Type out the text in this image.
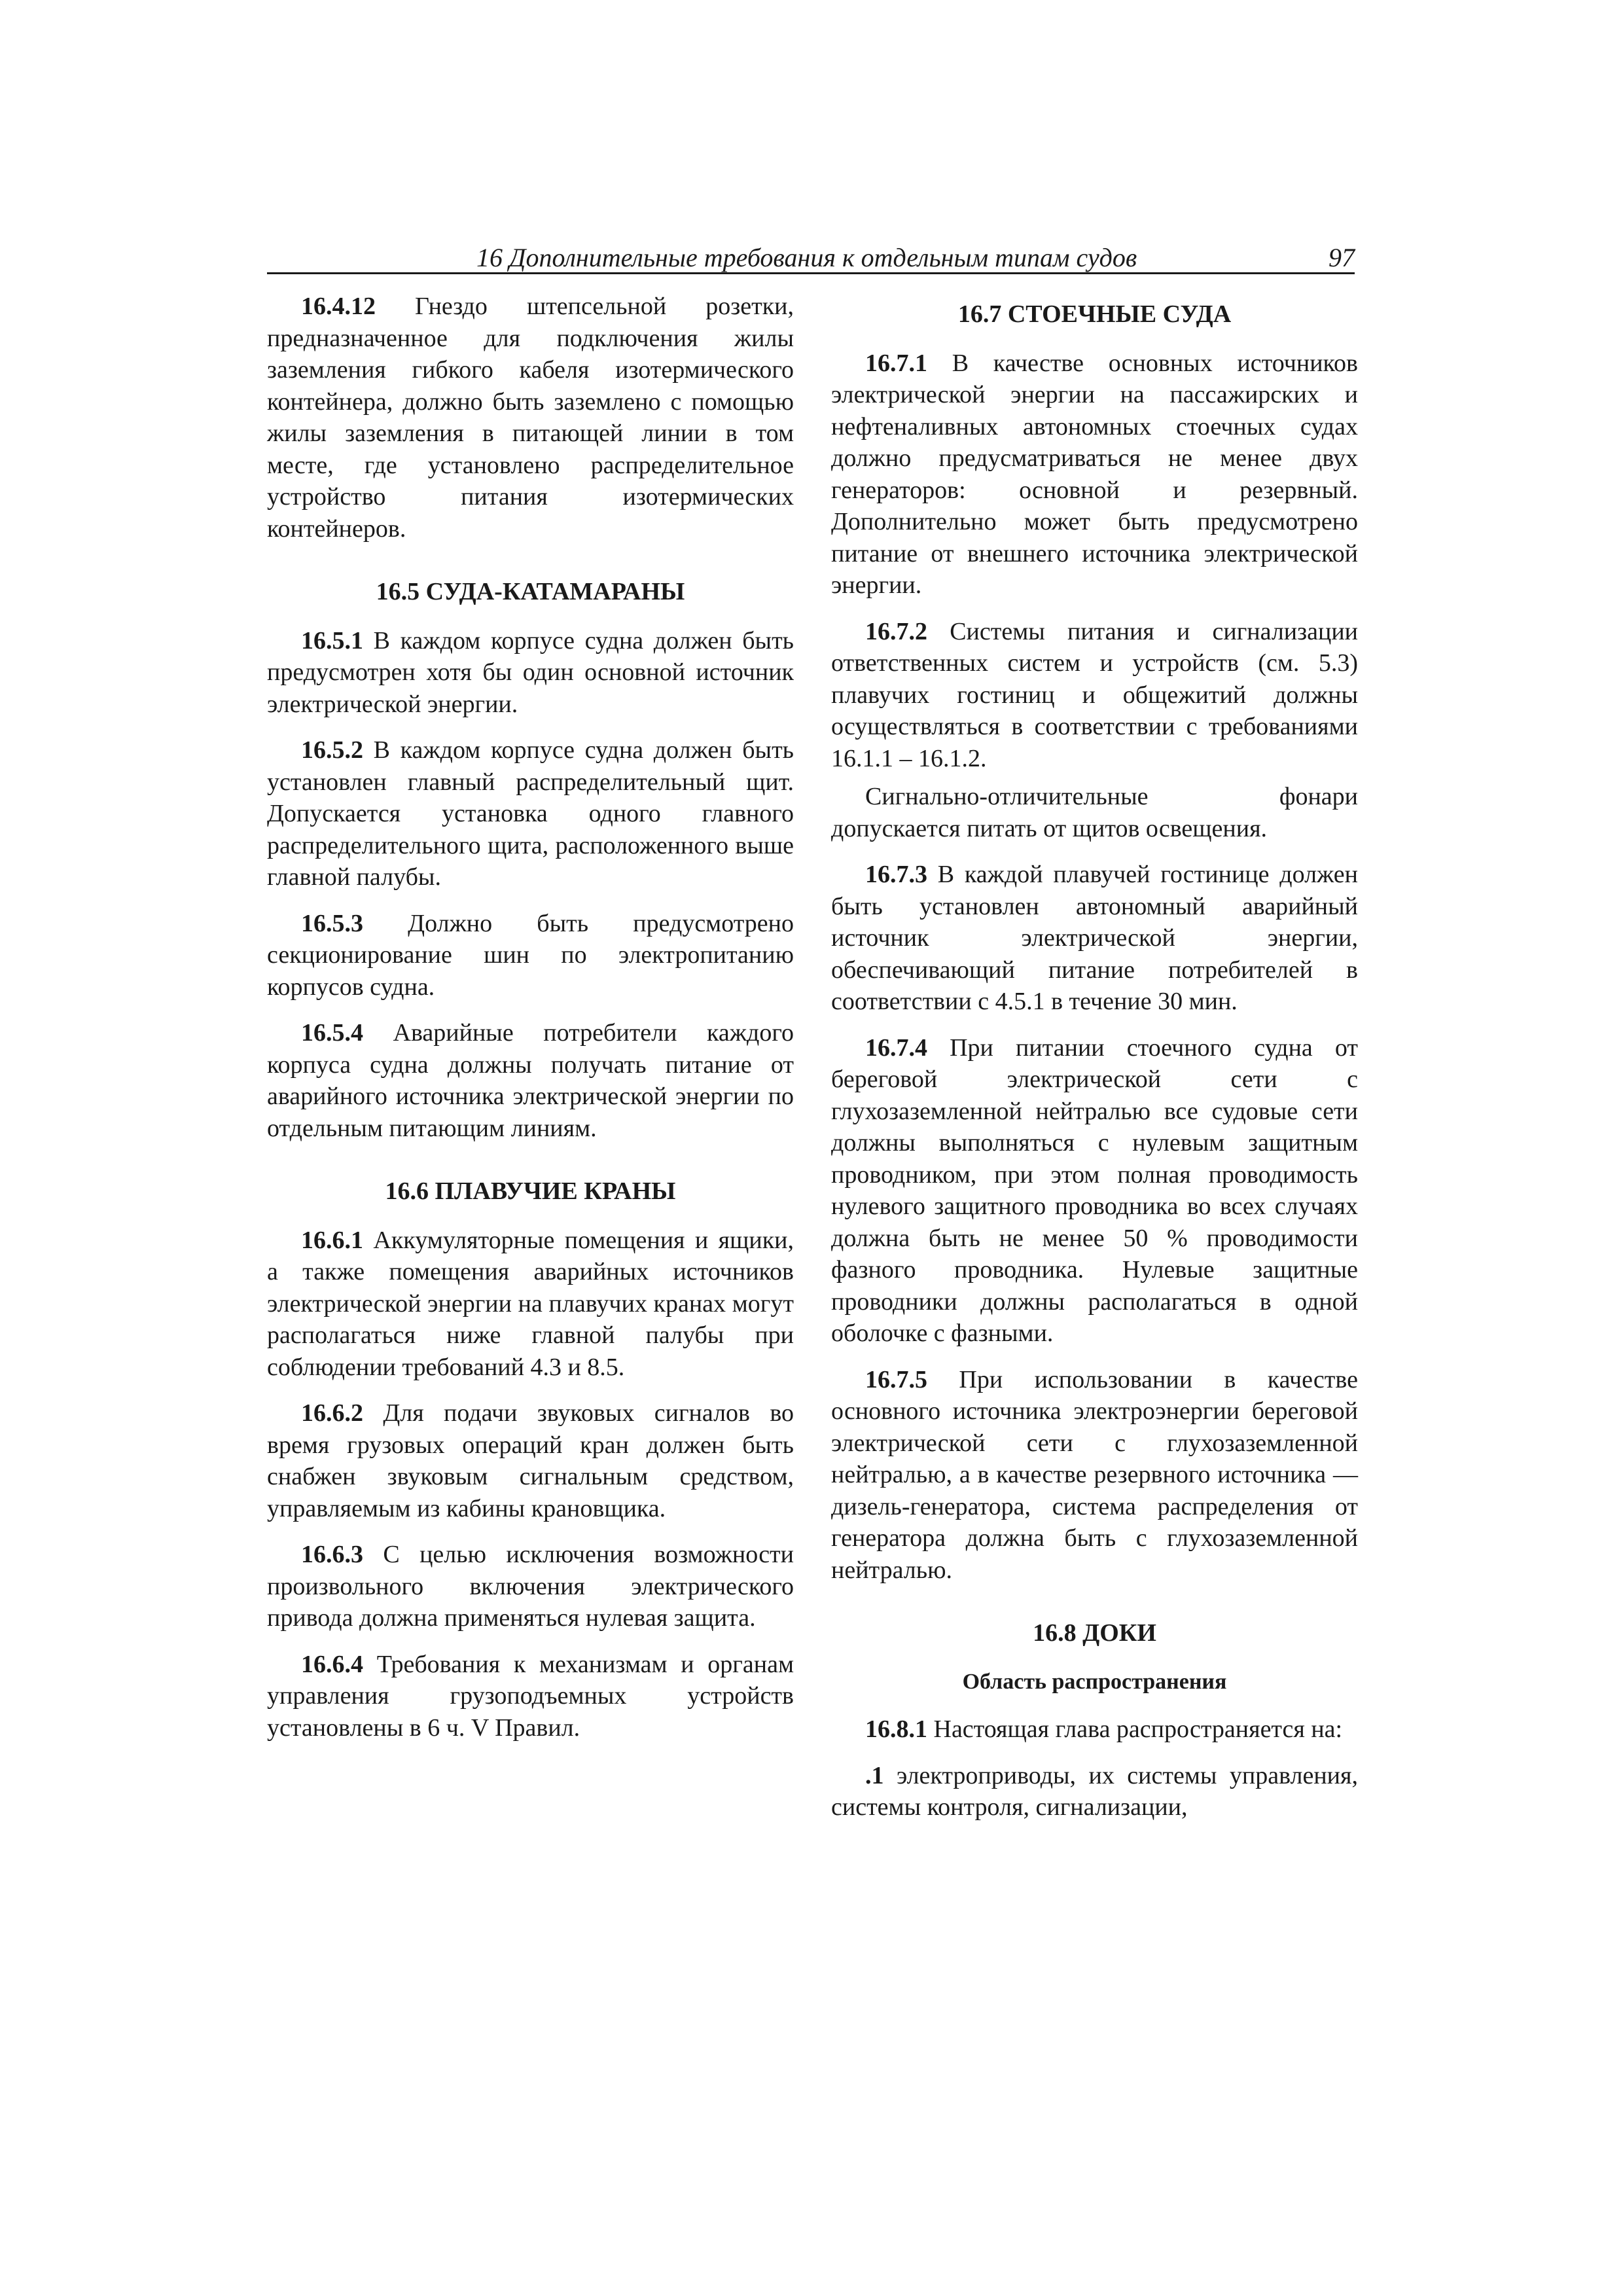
16 Дополнительные требования к отдельным типам судов	97

16.4.12 Гнездо штепсельной розетки, предназначенное для подключения жилы заземления гибкого кабеля изотермического контейнера, должно быть заземлено с помощью жилы заземления в питающей линии в том месте, где установлено распределительное устройство питания изотермических контейнеров.

16.5 СУДА-КАТАМАРАНЫ

16.5.1 В каждом корпусе судна должен быть предусмотрен хотя бы один основной источник электрической энергии.

16.5.2 В каждом корпусе судна должен быть установлен главный распределительный щит. Допускается установка одного главного распределительного щита, расположенного выше главной палубы.

16.5.3 Должно быть предусмотрено секционирование шин по электропитанию корпусов судна.

16.5.4 Аварийные потребители каждого корпуса судна должны получать питание от аварийного источника электрической энергии по отдельным питающим линиям.

16.6 ПЛАВУЧИЕ КРАНЫ

16.6.1 Аккумуляторные помещения и ящики, а также помещения аварийных источников электрической энергии на плавучих кранах могут располагаться ниже главной палубы при соблюдении требований 4.3 и 8.5.

16.6.2 Для подачи звуковых сигналов во время грузовых операций кран должен быть снабжен звуковым сигнальным средством, управляемым из кабины крановщика.

16.6.3 С целью исключения возможности произвольного включения электрического привода должна применяться нулевая защита.

16.6.4 Требования к механизмам и органам управления грузоподъемных устройств установлены в 6 ч. V Правил.

16.7 СТОЕЧНЫЕ СУДА

16.7.1 В качестве основных источников электрической энергии на пассажирских и нефтеналивных автономных стоечных судах должно предусматриваться не менее двух генераторов: основной и резервный. Дополнительно может быть предусмотрено питание от внешнего источника электрической энергии.

16.7.2 Системы питания и сигнализации ответственных систем и устройств (см. 5.3) плавучих гостиниц и общежитий должны осуществляться в соответствии с требованиями 16.1.1 – 16.1.2.

Сигнально-отличительные фонари допускается питать от щитов освещения.

16.7.3 В каждой плавучей гостинице должен быть установлен автономный аварийный источник электрической энергии, обеспечивающий питание потребителей в соответствии с 4.5.1 в течение 30 мин.

16.7.4 При питании стоечного судна от береговой электрической сети с глухозаземленной нейтралью все судовые сети должны выполняться с нулевым защитным проводником, при этом полная проводимость нулевого защитного проводника во всех случаях должна быть не менее 50 % проводимости фазного проводника. Нулевые защитные проводники должны располагаться в одной оболочке с фазными.

16.7.5 При использовании в качестве основного источника электроэнергии береговой электрической сети с глухозаземленной нейтралью, а в качестве резервного источника — дизель-генератора, система распределения от генератора должна быть с глухозаземленной нейтралью.

16.8 ДОКИ
Область распространения

16.8.1 Настоящая глава распространяется на:

.1 электроприводы, их системы управления, системы контроля, сигнализации,
